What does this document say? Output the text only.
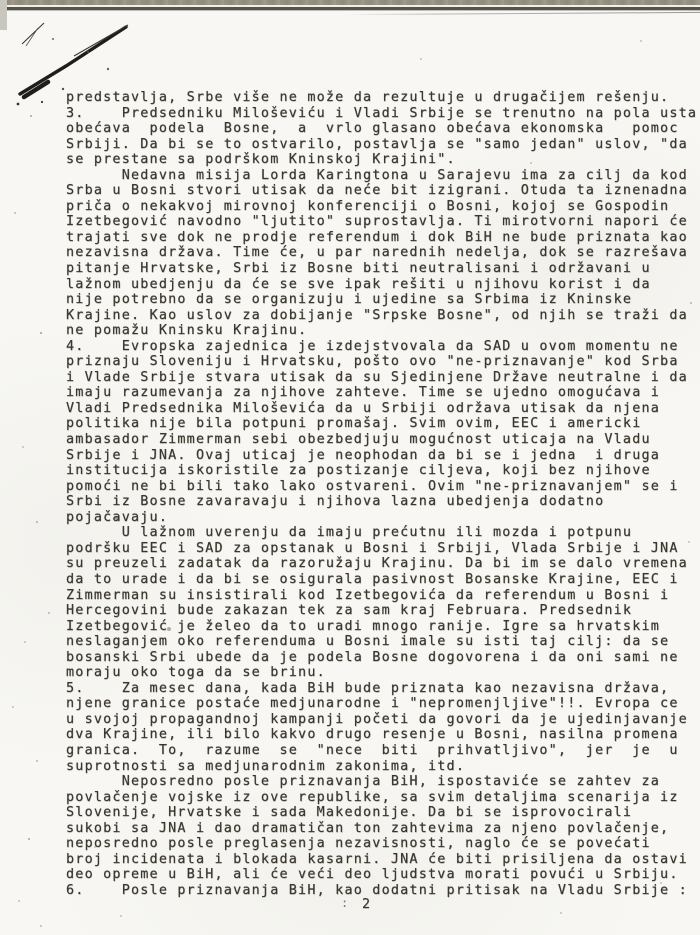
predstavlja, Srbe više ne može da rezultuje u drugačijem rešenju.
3.    Predsedniku Miloševiću i Vladi Srbije se trenutno na pola usta
obećava  podela  Bosne,  a  vrlo glasano obećava ekonomska   pomoc
Srbiji. Da bi se to ostvarilo, postavlja se "samo jedan" uslov, "da
se prestane sa podrškom Kninskoj Krajini".
Nedavna misija Lorda Karingtona u Sarajevu ima za cilj da kod
Srba u Bosni stvori utisak da neće bit izigrani. Otuda ta iznenadna
priča o nekakvoj mirovnoj konferenciji o Bosni, kojoj se Gospodin
Izetbegović navodno "ljutito" suprostavlja. Ti mirotvorni napori će
trajati sve dok ne prodje referendum i dok BiH ne bude priznata kao
nezavisna država. Time će, u par narednih nedelja, dok se razrešava
pitanje Hrvatske, Srbi iz Bosne biti neutralisani i održavani u
lažnom ubedjenju da će se sve ipak rešiti u njihovu korist i da
nije potrebno da se organizuju i ujedine sa Srbima iz Kninske
Krajine. Kao uslov za dobijanje "Srpske Bosne", od njih se traži da
ne pomažu Kninsku Krajinu.
4.    Evropska zajednica je izdejstvovala da SAD u ovom momentu ne
priznaju Sloveniju i Hrvatsku, pošto ovo "ne-priznavanje" kod Srba
i Vlade Srbije stvara utisak da su Sjedinjene Države neutralne i da
imaju razumevanja za njihove zahteve. Time se ujedno omogućava i
Vladi Predsednika Miloševića da u Srbiji održava utisak da njena
politika nije bila potpuni promašaj. Svim ovim, EEC i americki
ambasador Zimmerman sebi obezbedjuju mogućnost uticaja na Vladu
Srbije i JNA. Ovaj uticaj je neophodan da bi se i jedna  i druga
institucija iskoristile za postizanje ciljeva, koji bez njihove
pomoći ne bi bili tako lako ostvareni. Ovim "ne-priznavanjem" se i
Srbi iz Bosne zavaravaju i njihova lazna ubedjenja dodatno
pojačavaju.
U lažnom uverenju da imaju prećutnu ili mozda i potpunu
podršku EEC i SAD za opstanak u Bosni i Srbiji, Vlada Srbije i JNA
su preuzeli zadatak da razoružaju Krajinu. Da bi im se dalo vremena
da to urade i da bi se osigurala pasivnost Bosanske Krajine, EEC i
Zimmerman su insistirali kod Izetbegovića da referendum u Bosni i
Hercegovini bude zakazan tek za sam kraj Februara. Predsednik
Izetbegović je želeo da to uradi mnogo ranije. Igre sa hrvatskim
neslaganjem oko referenduma u Bosni imale su isti taj cilj: da se
bosanski Srbi ubede da je podela Bosne dogovorena i da oni sami ne
moraju oko toga da se brinu.
5.    Za mesec dana, kada BiH bude priznata kao nezavisna država,
njene granice postaće medjunarodne i "nepromenjljive"!!. Evropa ce
u svojoj propagandnoj kampanji početi da govori da je ujedinjavanje
dva Krajine, ili bilo kakvo drugo resenje u Bosni, nasilna promena
granica.  To,  razume  se  "nece  biti  prihvatljivo",  jer  je  u
suprotnosti sa medjunarodnim zakonima, itd.
Neposredno posle priznavanja BiH, ispostaviće se zahtev za
povlačenje vojske iz ove republike, sa svim detaljima scenarija iz
Slovenije, Hrvatske i sada Makedonije. Da bi se isprovocirali
sukobi sa JNA i dao dramatičan ton zahtevima za njeno povlačenje,
neposredno posle preglasenja nezavisnosti, naglo će se povećati
broj incidenata i blokada kasarni. JNA će biti prisiljena da ostavi
deo opreme u BiH, ali će veći deo ljudstva morati povući u Srbiju.
6.    Posle priznavanja BiH, kao dodatni pritisak na Vladu Srbije :
: 2
